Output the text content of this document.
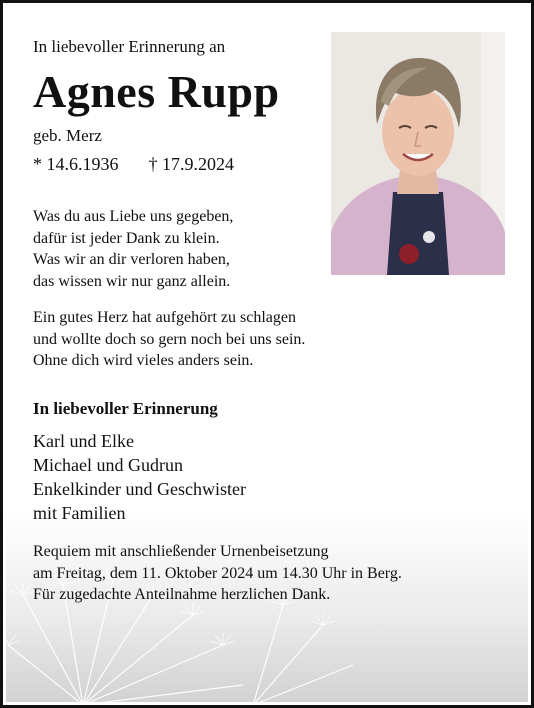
In liebevoller Erinnerung an

Agnes Rupp

geb. Merz

* 14.6.1936 † 17.9.2024

Was du aus Liebe uns gegeben,
dafür ist jeder Dank zu klein.
Was wir an dir verloren haben,
das wissen wir nur ganz allein.
Ein gutes Herz hat aufgehört zu schlagen
und wollte doch so gern noch bei uns sein.
Ohne dich wird vieles anders sein.

In liebevoller Erinnerung

Karl und Elke
Michael und Gudrun
Enkelkinder und Geschwister
mit Familien
Requiem mit anschließender Urnenbeisetzung
am Freitag, dem 11. Oktober 2024 um 14.30 Uhr in Berg.
Für zugedachte Anteilnahme herzlichen Dank.
